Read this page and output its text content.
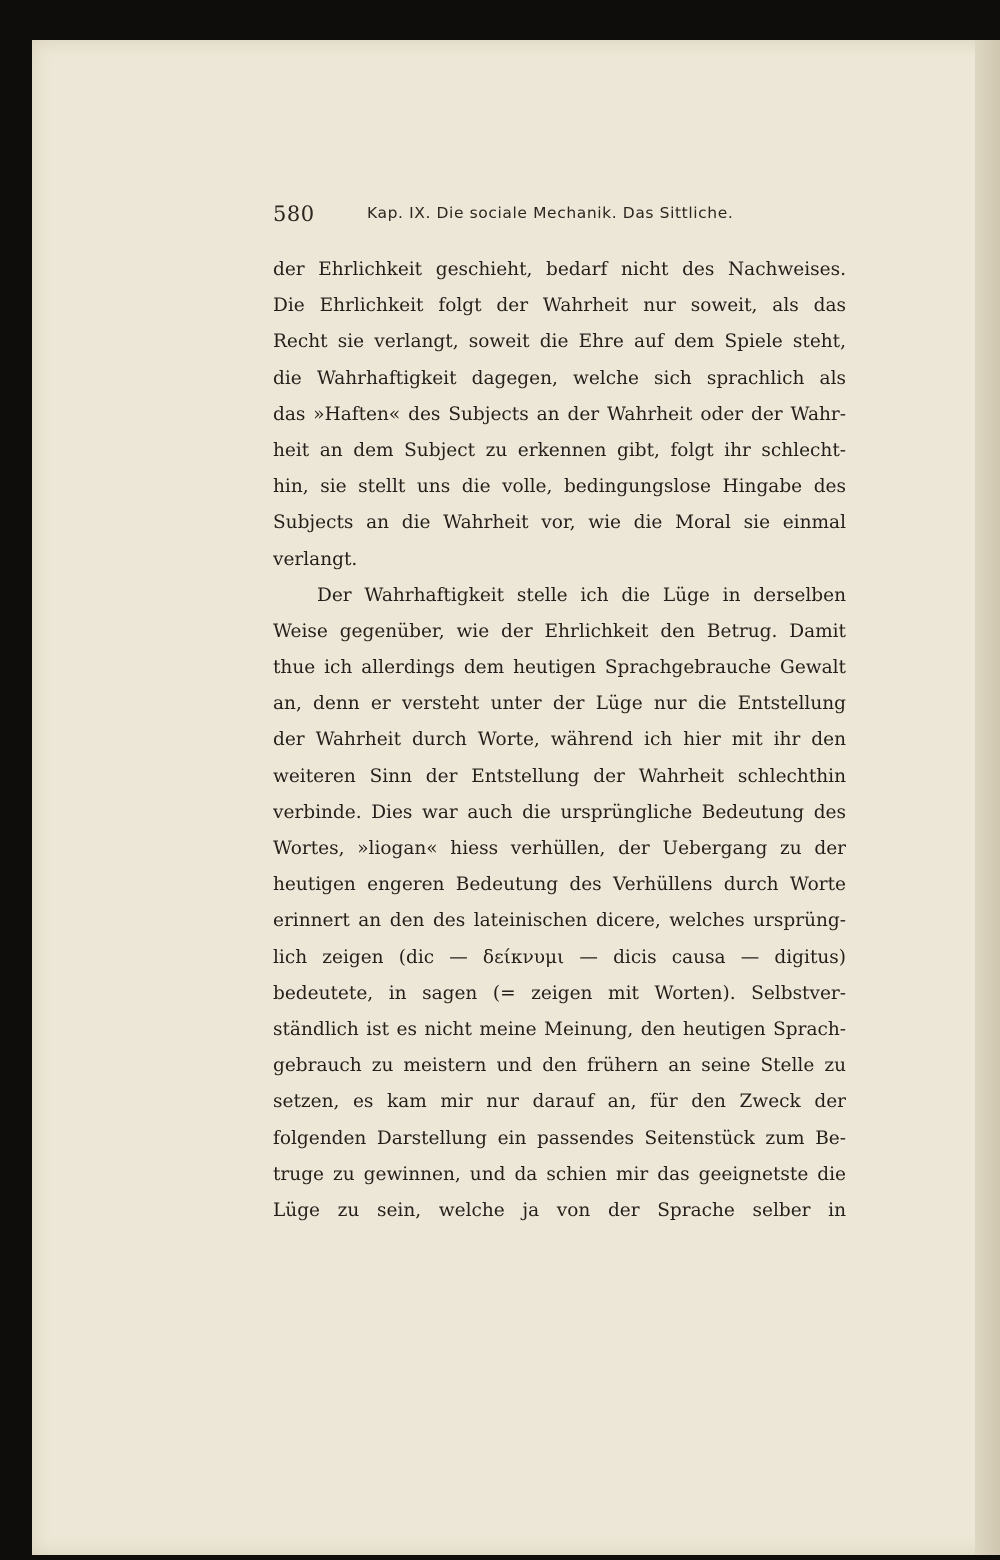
580	Kap. IX. Die sociale Mechanik. Das Sittliche.
der Ehrlichkeit geschieht, bedarf nicht des Nachweises.
Die Ehrlichkeit folgt der Wahrheit nur soweit, als das
Recht sie verlangt, soweit die Ehre auf dem Spiele steht,
die Wahrhaftigkeit dagegen, welche sich sprachlich als
das »Haften« des Subjects an der Wahrheit oder der Wahr-
heit an dem Subject zu erkennen gibt, folgt ihr schlecht-
hin, sie stellt uns die volle, bedingungslose Hingabe des
Subjects an die Wahrheit vor, wie die Moral sie einmal
verlangt.
Der Wahrhaftigkeit stelle ich die Lüge in derselben
Weise gegenüber, wie der Ehrlichkeit den Betrug. Damit
thue ich allerdings dem heutigen Sprachgebrauche Gewalt
an, denn er versteht unter der Lüge nur die Entstellung
der Wahrheit durch Worte, während ich hier mit ihr den
weiteren Sinn der Entstellung der Wahrheit schlechthin
verbinde. Dies war auch die ursprüngliche Bedeutung des
Wortes, »liogan« hiess verhüllen, der Uebergang zu der
heutigen engeren Bedeutung des Verhüllens durch Worte
erinnert an den des lateinischen dicere, welches ursprüng-
lich zeigen (dic — δείκνυμι — dicis causa — digitus)
bedeutete, in sagen (= zeigen mit Worten). Selbstver-
ständlich ist es nicht meine Meinung, den heutigen Sprach-
gebrauch zu meistern und den frühern an seine Stelle zu
setzen, es kam mir nur darauf an, für den Zweck der
folgenden Darstellung ein passendes Seitenstück zum Be-
truge zu gewinnen, und da schien mir das geeignetste die
Lüge zu sein, welche ja von der Sprache selber in
